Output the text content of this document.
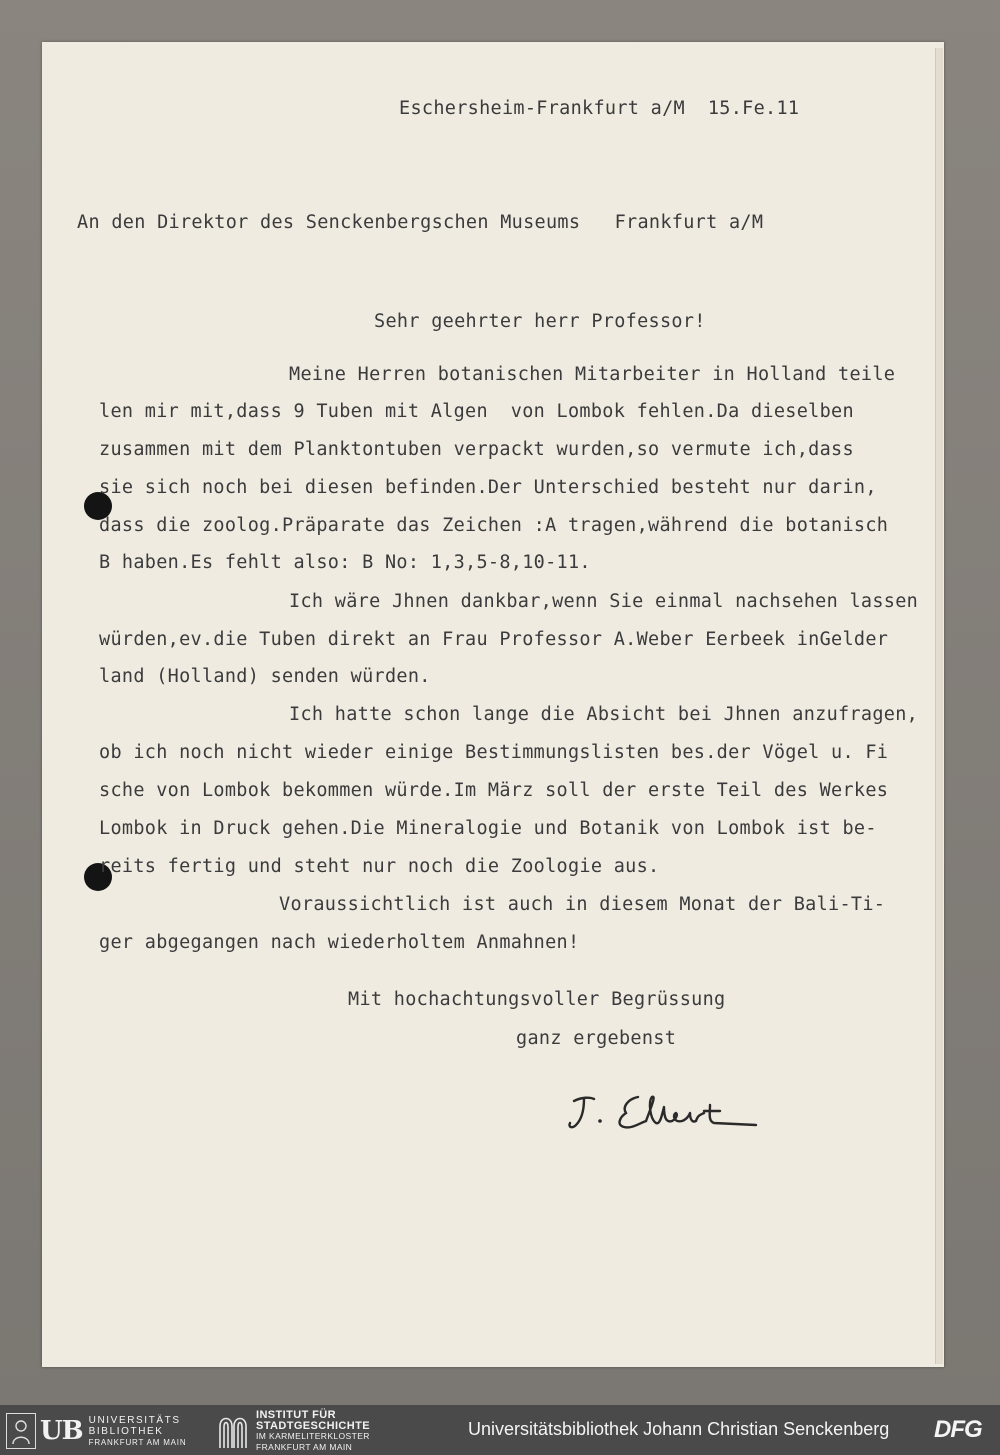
Eschersheim-Frankfurt a/M  15.Fe.11
An den Direktor des Senckenbergschen Museums   Frankfurt a/M
Sehr geehrter herr Professor!
Meine Herren botanischen Mitarbeiter in Holland teile
len mir mit,dass 9 Tuben mit Algen  von Lombok fehlen.Da dieselben
zusammen mit dem Planktontuben verpackt wurden,so vermute ich,dass
sie sich noch bei diesen befinden.Der Unterschied besteht nur darin,
dass die zoolog.Präparate das Zeichen :A tragen,während die botanisch
B haben.Es fehlt also: B No: 1,3,5-8,10-11.
Ich wäre Jhnen dankbar,wenn Sie einmal nachsehen lassen
würden,ev.die Tuben direkt an Frau Professor A.Weber Eerbeek inGelder
land (Holland) senden würden.
Ich hatte schon lange die Absicht bei Jhnen anzufragen,
ob ich noch nicht wieder einige Bestimmungslisten bes.der Vögel u. Fi
sche von Lombok bekommen würde.Im März soll der erste Teil des Werkes
Lombok in Druck gehen.Die Mineralogie und Botanik von Lombok ist be-
reits fertig und steht nur noch die Zoologie aus.
Voraussichtlich ist auch in diesem Monat der Bali-Ti-
ger abgegangen nach wiederholtem Anmahnen!
Mit hochachtungsvoller Begrüssung
ganz ergebenst
UB UNIVERSITÄTS
BIBLIOTHEK
FRANKFURT AM MAIN
INSTITUT FÜR
STADTGESCHICHTE
IM KARMELITERKLOSTER
FRANKFURT AM MAIN
Universitätsbibliothek Johann Christian Senckenberg DFG
